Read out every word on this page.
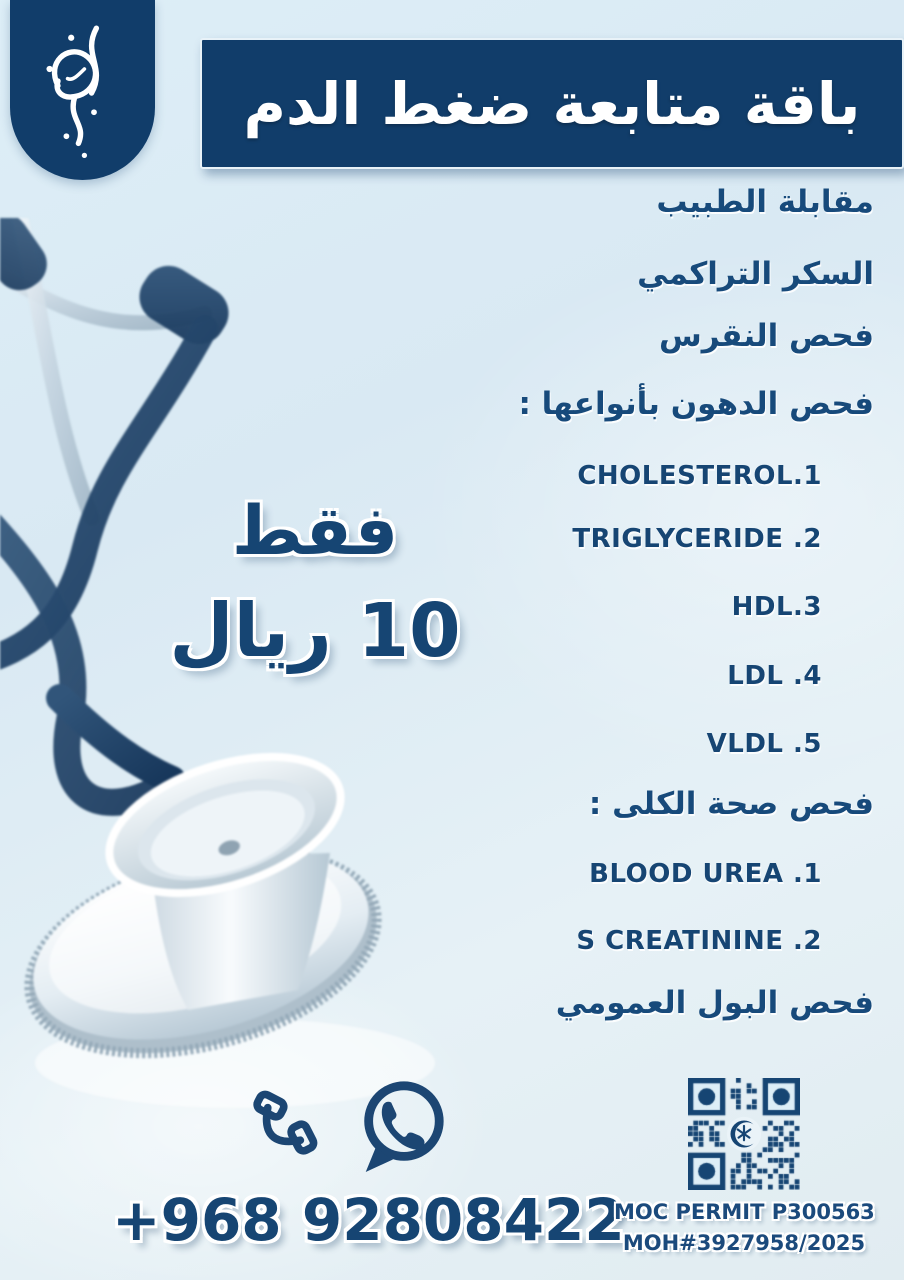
باقة متابعة ضغط الدم
مقابلة الطبيب
السكر التراكمي
فحص النقرس
فحص الدهون بأنواعها :
CHOLESTEROL.1
TRIGLYCERIDE .2
HDL.3
LDL .4
VLDL .5
فحص صحة الكلى :
BLOOD UREA .1
S CREATININE .2
فحص البول العمومي
فقط
10 ريال
+968 92808422
MOC PERMIT P300563
MOH#3927958/2025
